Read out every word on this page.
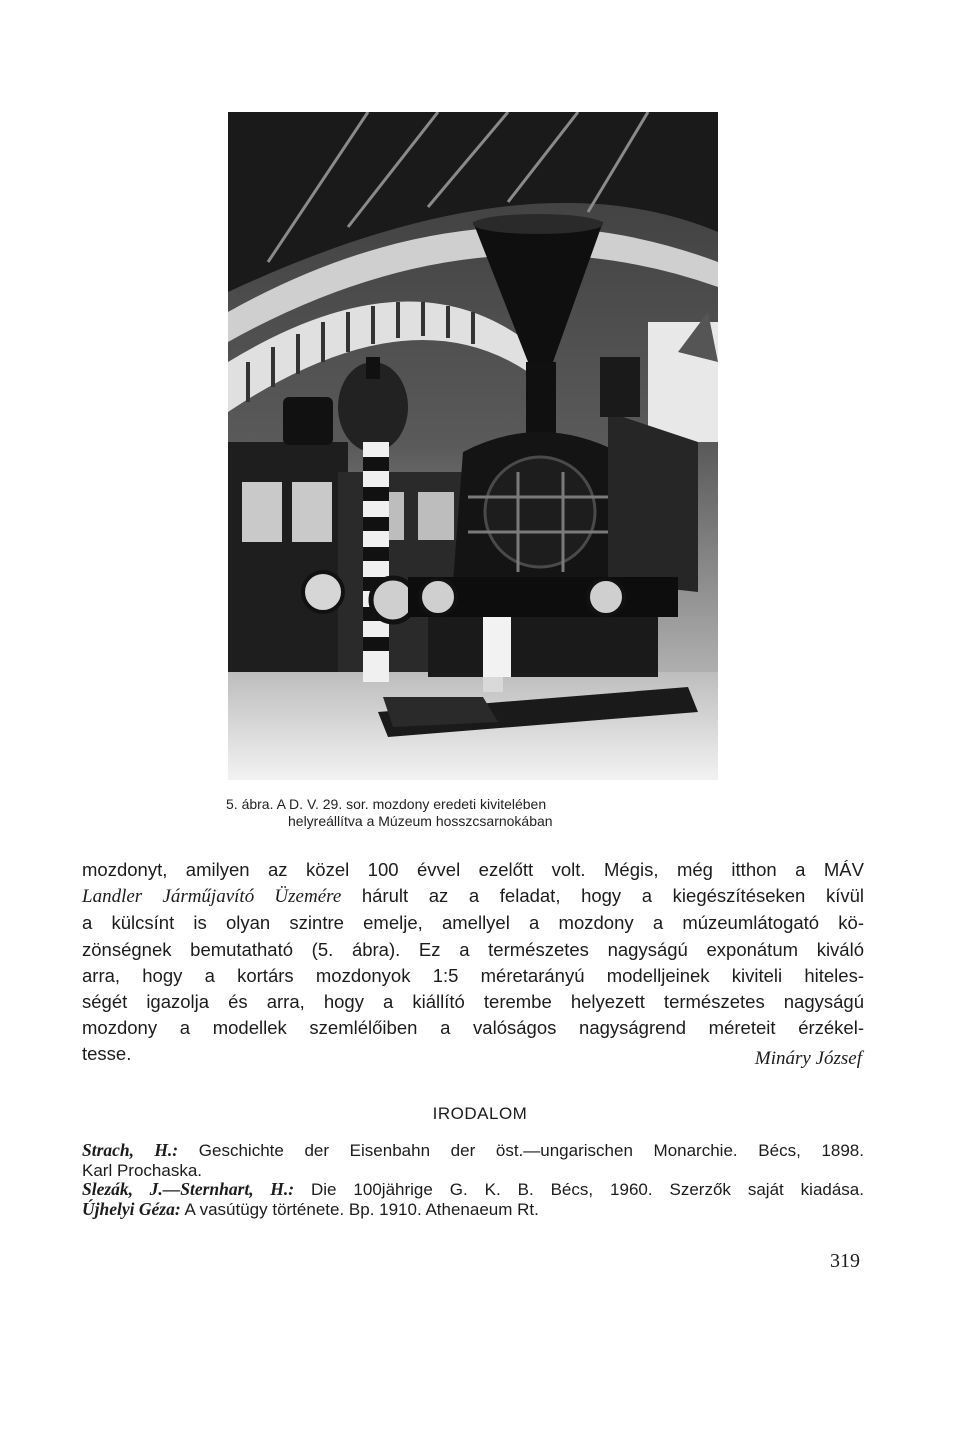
5. ábra. A D. V. 29. sor. mozdony eredeti kivitelében
helyreállítva a Múzeum hosszcsarnokában
mozdonyt, amilyen az közel 100 évvel ezelőtt volt. Mégis, még itthon a MÁV
Landler Járműjavító Üzemére hárult az a feladat, hogy a kiegészítéseken kívül
a külcsínt is olyan szintre emelje, amellyel a mozdony a múzeumlátogató kö-
zönségnek bemutatható (5. ábra). Ez a természetes nagyságú exponátum kiváló
arra, hogy a kortárs mozdonyok 1:5 méretarányú modelljeinek kiviteli hiteles-
ségét igazolja és arra, hogy a kiállító terembe helyezett természetes nagyságú
mozdony a modellek szemlélőiben a valóságos nagyságrend méreteit érzékel-
tesse.	Mináry József
IRODALOM
Strach, H.: Geschichte der Eisenbahn der öst.—ungarischen Monarchie. Bécs, 1898.
Karl Prochaska.
Slezák, J.—Sternhart, H.: Die 100jährige G. K. B. Bécs, 1960. Szerzők saját kiadása.
Újhelyi Géza: A vasútügy története. Bp. 1910. Athenaeum Rt.
319
